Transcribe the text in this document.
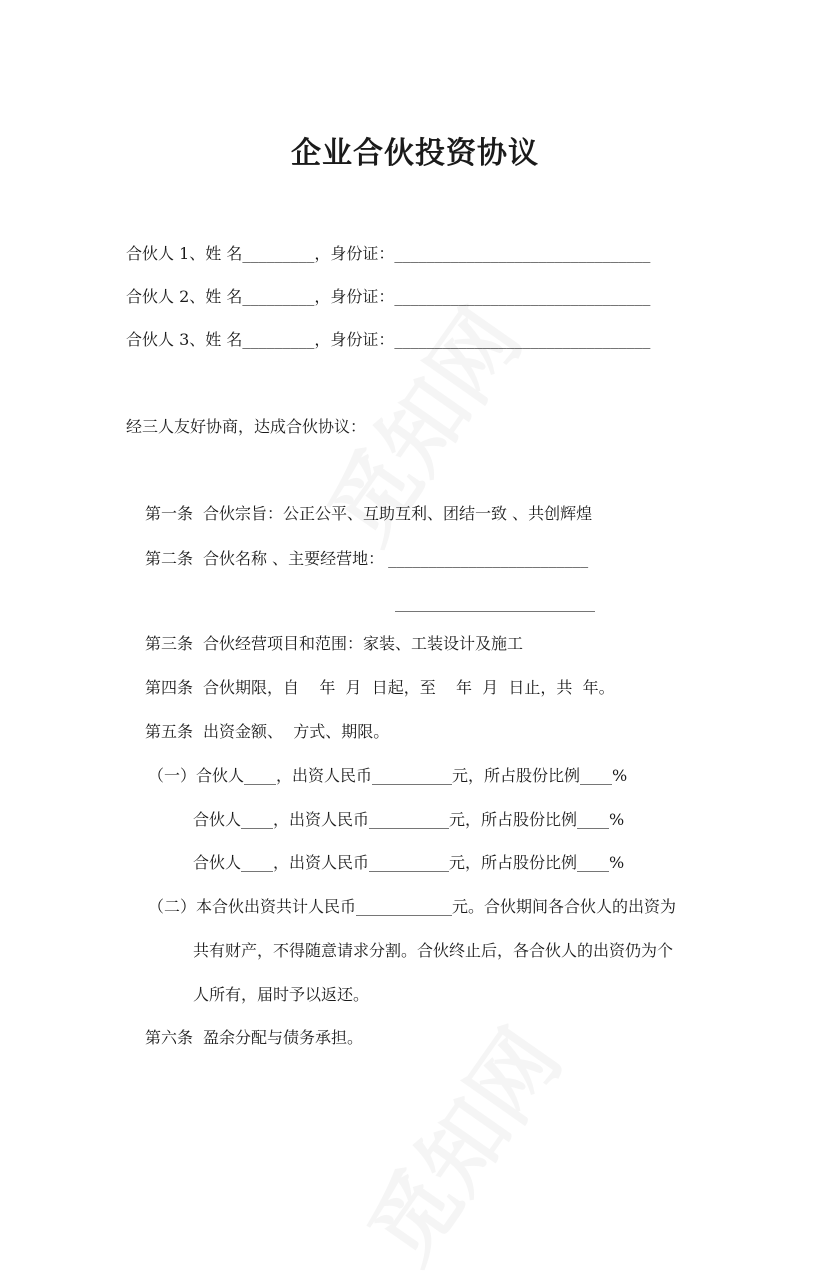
企业合伙投资协议
合伙人 1、姓 名_________，身份证：________________________________
合伙人 2、姓 名_________，身份证：________________________________
合伙人 3、姓 名_________，身份证：________________________________
经三人友好协商，达成合伙协议：
第一条 合伙宗旨：公正公平、互助互利、团结一致 、共创辉煌
第二条 合伙名称 、主要经营地： _________________________
_________________________
第三条 合伙经营项目和范围：家装、工装设计及施工
第四条 合伙期限，自    年  月  日起，至    年  月  日止，共  年。
第五条 出资金额、  方式、期限。
（一）合伙人____，出资人民币__________元，所占股份比例____%
合伙人____，出资人民币__________元，所占股份比例____%
合伙人____，出资人民币__________元，所占股份比例____%
（二）本合伙出资共计人民币____________元。合伙期间各合伙人的出资为
共有财产，不得随意请求分割。合伙终止后，各合伙人的出资仍为个
人所有，届时予以返还。
第六条 盈余分配与债务承担。
